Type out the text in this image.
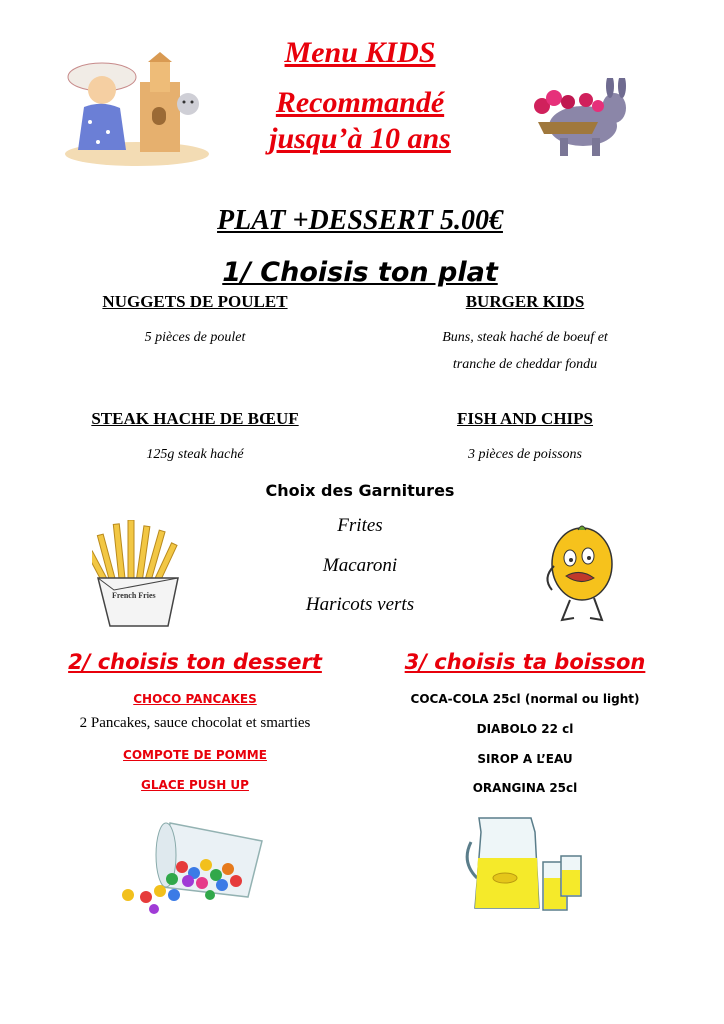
Menu KIDS
Recommandé
jusqu’à 10 ans
PLAT +DESSERT 5.00€
1/ Choisis ton plat
NUGGETS DE POULET
5 pièces de poulet
BURGER KIDS
Buns, steak haché de boeuf et
tranche de cheddar fondu
STEAK HACHE DE BŒUF
125g steak haché
FISH AND CHIPS
3 pièces de poissons
Choix des Garnitures
Frites
Macaroni
Haricots verts
French Fries
2/ choisis ton dessert
CHOCO PANCAKES
2 Pancakes, sauce chocolat et smarties
COMPOTE DE POMME
GLACE PUSH UP
3/ choisis ta boisson
COCA-COLA 25cl (normal ou light)
DIABOLO 22 cl
SIROP A L’EAU
ORANGINA 25cl
